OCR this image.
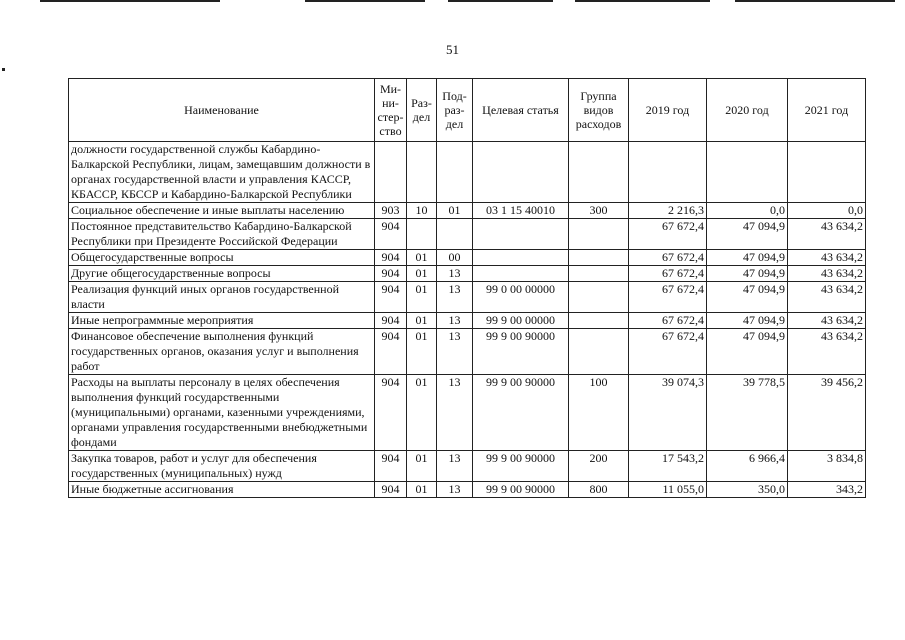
51
Наименование	Ми-ни-стер-ство	Раз-дел	Под-раз-дел	Целевая статья	Группа видов расходов	2019 год	2020 год	2021 год
должности государственной службы Кабардино-Балкарской Республики, лицам, замещавшим должности в органах государственной власти и управления КАССР, КБАССР, КБССР и Кабардино-Балкарской Республики								
Социальное обеспечение и иные выплаты населению	903	10	01	03 1 15 40010	300	2 216,3	0,0	0,0
Постоянное представительство Кабардино-Балкарской Республики при Президенте Российской Федерации	904					67 672,4	47 094,9	43 634,2
Общегосударственные вопросы	904	01	00			67 672,4	47 094,9	43 634,2
Другие общегосударственные вопросы	904	01	13			67 672,4	47 094,9	43 634,2
Реализация функций иных органов государственной власти	904	01	13	99 0 00 00000		67 672,4	47 094,9	43 634,2
Иные непрограммные мероприятия	904	01	13	99 9 00 00000		67 672,4	47 094,9	43 634,2
Финансовое обеспечение выполнения функций государственных органов, оказания услуг и выполнения работ	904	01	13	99 9 00 90000		67 672,4	47 094,9	43 634,2
Расходы на выплаты персоналу в целях обеспечения выполнения функций государственными (муниципальными) органами, казенными учреждениями, органами управления государственными внебюджетными фондами	904	01	13	99 9 00 90000	100	39 074,3	39 778,5	39 456,2
Закупка товаров, работ и услуг для обеспечения государственных (муниципальных) нужд	904	01	13	99 9 00 90000	200	17 543,2	6 966,4	3 834,8
Иные бюджетные ассигнования	904	01	13	99 9 00 90000	800	11 055,0	350,0	343,2
